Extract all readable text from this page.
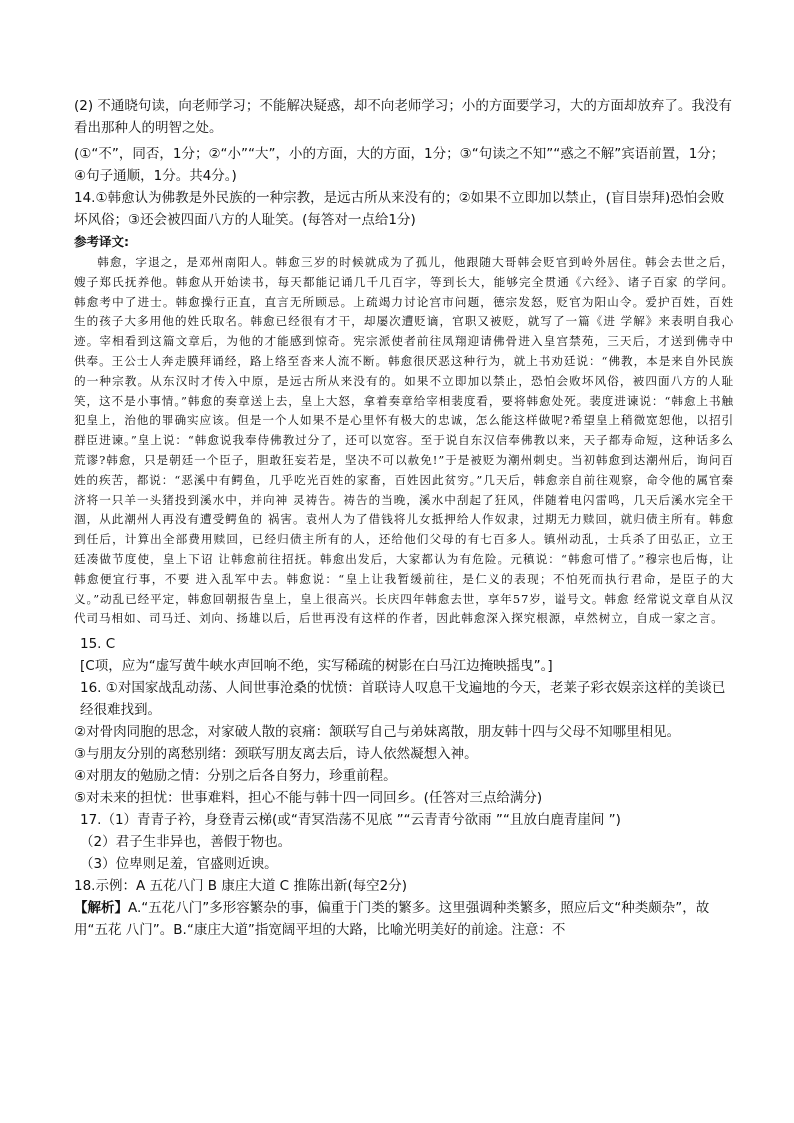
(2) 不通晓句读，向老师学习；不能解决疑惑，却不向老师学习；小的方面要学习，大的方面却放弃了。我没有 看出那种人的明智之处。

(①“不”，同否，1分；②“小”“大”，小的方面，大的方面，1分；③“句读之不知”“惑之不解”宾语前置，1分；④句子通顺，1分。共4分。)

14.①韩愈认为佛教是外民族的一种宗教，是远古所从来没有的；②如果不立即加以禁止，(盲目崇拜)恐怕会败坏风俗；③还会被四面八方的人耻笑。(每答对一点给1分)

参考译文:

韩愈，字退之，是邓州南阳人。韩愈三岁的时候就成为了孤儿，他跟随大哥韩会贬官到岭外居住。韩会去世之后，嫂子郑氏抚养他。韩愈从开始读书，每天都能记诵几千几百字，等到长大，能够完全贯通《六经》、诸子百家 的学问。韩愈考中了进士。韩愈操行正直，直言无所顾忌。上疏竭力讨论宫市问题，德宗发怒，贬官为阳山令。爱护百姓，百姓生的孩子大多用他的姓氏取名。韩愈已经很有才干，却屡次遭贬谪，官职又被贬，就写了一篇《进 学解》来表明自我心迹。宰相看到这篇文章后，为他的才能感到惊奇。宪宗派使者前往凤翔迎请佛骨进入皇宫禁苑，三天后，才送到佛寺中供奉。王公士人奔走膜拜诵经，路上络至沓来人流不断。韩愈很厌恶这种行为，就上书劝廷说：“佛教，本是来自外民族的一种宗教。从东汉时才传入中原，是远古所从来没有的。如果不立即加以禁止，恐怕会败坏风俗，被四面八方的人耻笑，这不是小事情。”韩愈的奏章送上去，皇上大怒，拿着奏章给宰相裴度看，要将韩愈处死。裴度进谏说：“韩愈上书触犯皇上，治他的罪确实应该。但是一个人如果不是心里怀有极大的忠诚，怎么能这样做呢?希望皇上稍微宽恕他，以招引群臣进谏。”皇上说：“韩愈说我奉侍佛教过分了，还可以宽容。至于说自东汉信奉佛教以来，天子都寿命短，这种话多么荒谬?韩愈，只是朝廷一个臣子，胆敢狂妄若是，坚决不可以赦免!”于是被贬为潮州刺史。当初韩愈到达潮州后，询问百姓的疾苦，都说：“恶溪中有鳄鱼，几乎吃光百姓的家畜，百姓因此贫穷。”几天后，韩愈亲自前往观察，命令他的属官秦济将一只羊一头猪投到溪水中，并向神 灵祷告。祷告的当晚，溪水中刮起了狂风，伴随着电闪雷鸣，几天后溪水完全干涸，从此潮州人再没有遭受鳄鱼的 祸害。袁州人为了借钱将儿女抵押给人作奴隶，过期无力赎回，就归债主所有。韩愈到任后，计算出全部费用赎回，已经归债主所有的人，还给他们父母的有七百多人。镇州动乱，士兵杀了田弘正，立王廷凑做节度使，皇上下诏 让韩愈前往招抚。韩愈出发后，大家都认为有危险。元稹说：“韩愈可惜了。”穆宗也后悔，让韩愈便宜行事，不要 进入乱军中去。韩愈说：“皇上让我暂缓前往，是仁义的表现；不怕死而执行君命，是臣子的大义。”动乱已经平定，韩愈回朝报告皇上，皇上很高兴。长庆四年韩愈去世，享年57岁，谥号文。韩愈 经常说文章自从汉代司马相如、司马迁、刘向、扬雄以后，后世再没有这样的作者，因此韩愈深入探究根源，卓然树立，自成一家之言。

15. C

[C项，应为“虚写黄牛峡水声回响不绝，实写稀疏的树影在白马江边掩映摇曳”。]

16. ①对国家战乱动荡、人间世事沧桑的忧愤：首联诗人叹息干戈遍地的今天，老莱子彩衣娱亲这样的美谈已经很难找到。

②对骨肉同胞的思念，对家破人散的哀痛：颔联写自己与弟妹离散，朋友韩十四与父母不知哪里相见。

③与朋友分别的离愁别绪：颈联写朋友离去后，诗人依然凝想入神。

④对朋友的勉励之情：分别之后各自努力，珍重前程。

⑤对未来的担忧：世事难料，担心不能与韩十四一同回乡。(任答对三点给满分)

17.（1）青青子衿，身登青云梯(或“青冥浩荡不见底 ”“云青青兮欲雨 ”“且放白鹿青崖间 ”)

（2）君子生非异也，善假于物也。

（3）位卑则足羞，官盛则近谀。

18.示例：A 五花八门 B 康庄大道 C 推陈出新(每空2分)

【解析】A.“五花八门”多形容繁杂的事，偏重于门类的繁多。这里强调种类繁多，照应后文“种类颇杂”，故用“五花 八门”。B.“康庄大道”指宽阔平坦的大路，比喻光明美好的前途。注意：不
